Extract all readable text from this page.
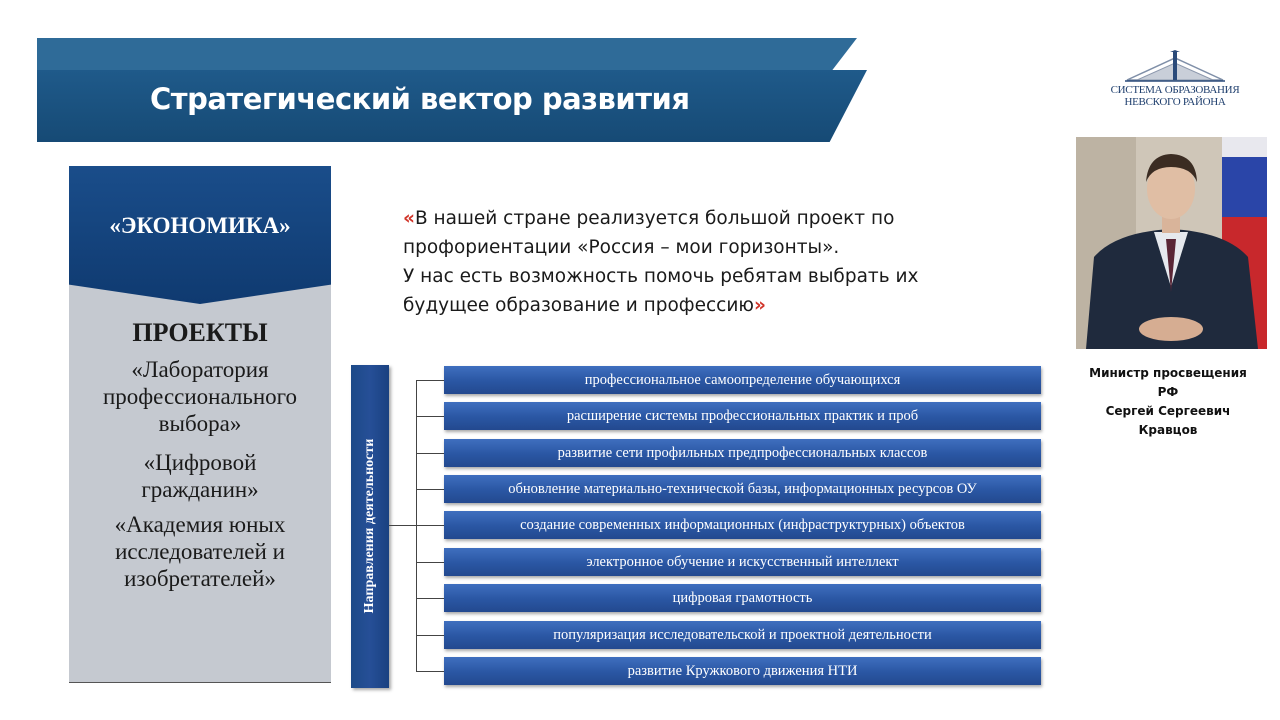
Стратегический вектор развития	СИСТЕМА ОБРАЗОВАНИЯ
НЕВСКОГО РАЙОНА
«ЭКОНОМИКА»
ПРОЕКТЫ
«Лаборатория
профессионального
выбора»
«Цифровой
гражданин»
«Академия юных
исследователей и
изобретателей»
«В нашей стране реализуется большой проект по
профориентации «Россия – мои горизонты».
У нас есть возможность помочь ребятам выбрать их
будущее образование и профессию»
Министр просвещения
РФ
Сергей Сергеевич
Кравцов
Направления деятельности
профессиональное самоопределение обучающихся
расширение системы профессиональных практик и проб
развитие сети профильных предпрофессиональных классов
обновление материально-технической базы, информационных ресурсов ОУ
создание современных информационных (инфраструктурных) объектов
электронное обучение и искусственный интеллект
цифровая грамотность
популяризация исследовательской и проектной деятельности
развитие Кружкового движения НТИ
